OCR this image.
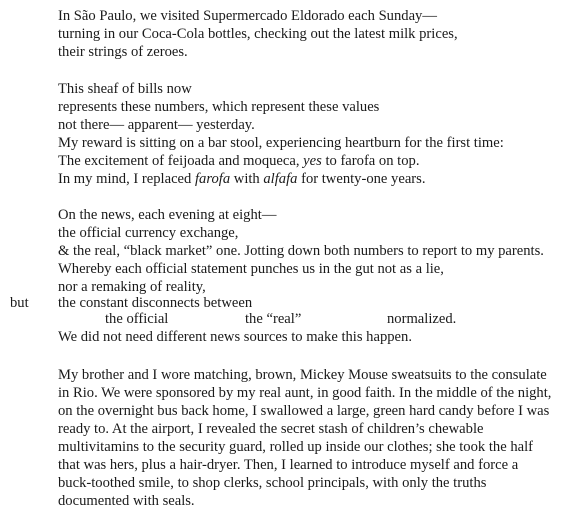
In São Paulo, we visited Supermercado Eldorado each Sunday—
turning in our Coca-Cola bottles, checking out the latest milk prices,
their strings of zeroes.
This sheaf of bills now
represents these numbers, which represent these values
not there— apparent— yesterday.
My reward is sitting on a bar stool, experiencing heartburn for the first time:
The excitement of feijoada and moqueca, yes to farofa on top.
In my mind, I replaced farofa with alfafa for twenty-one years.
On the news, each evening at eight—
the official currency exchange,
& the real, “black market” one. Jotting down both numbers to report to my parents.
Whereby each official statement punches us in the gut not as a lie,
nor a remaking of reality,
but the constant disconnects between
the official	the “real”	normalized.
We did not need different news sources to make this happen.
My brother and I wore matching, brown, Mickey Mouse sweatsuits to the consulate
in Rio. We were sponsored by my real aunt, in good faith. In the middle of the night,
on the overnight bus back home, I swallowed a large, green hard candy before I was
ready to. At the airport, I revealed the secret stash of children’s chewable
multivitamins to the security guard, rolled up inside our clothes; she took the half
that was hers, plus a hair-dryer. Then, I learned to introduce myself and force a
buck-toothed smile, to shop clerks, school principals, with only the truths
documented with seals.
